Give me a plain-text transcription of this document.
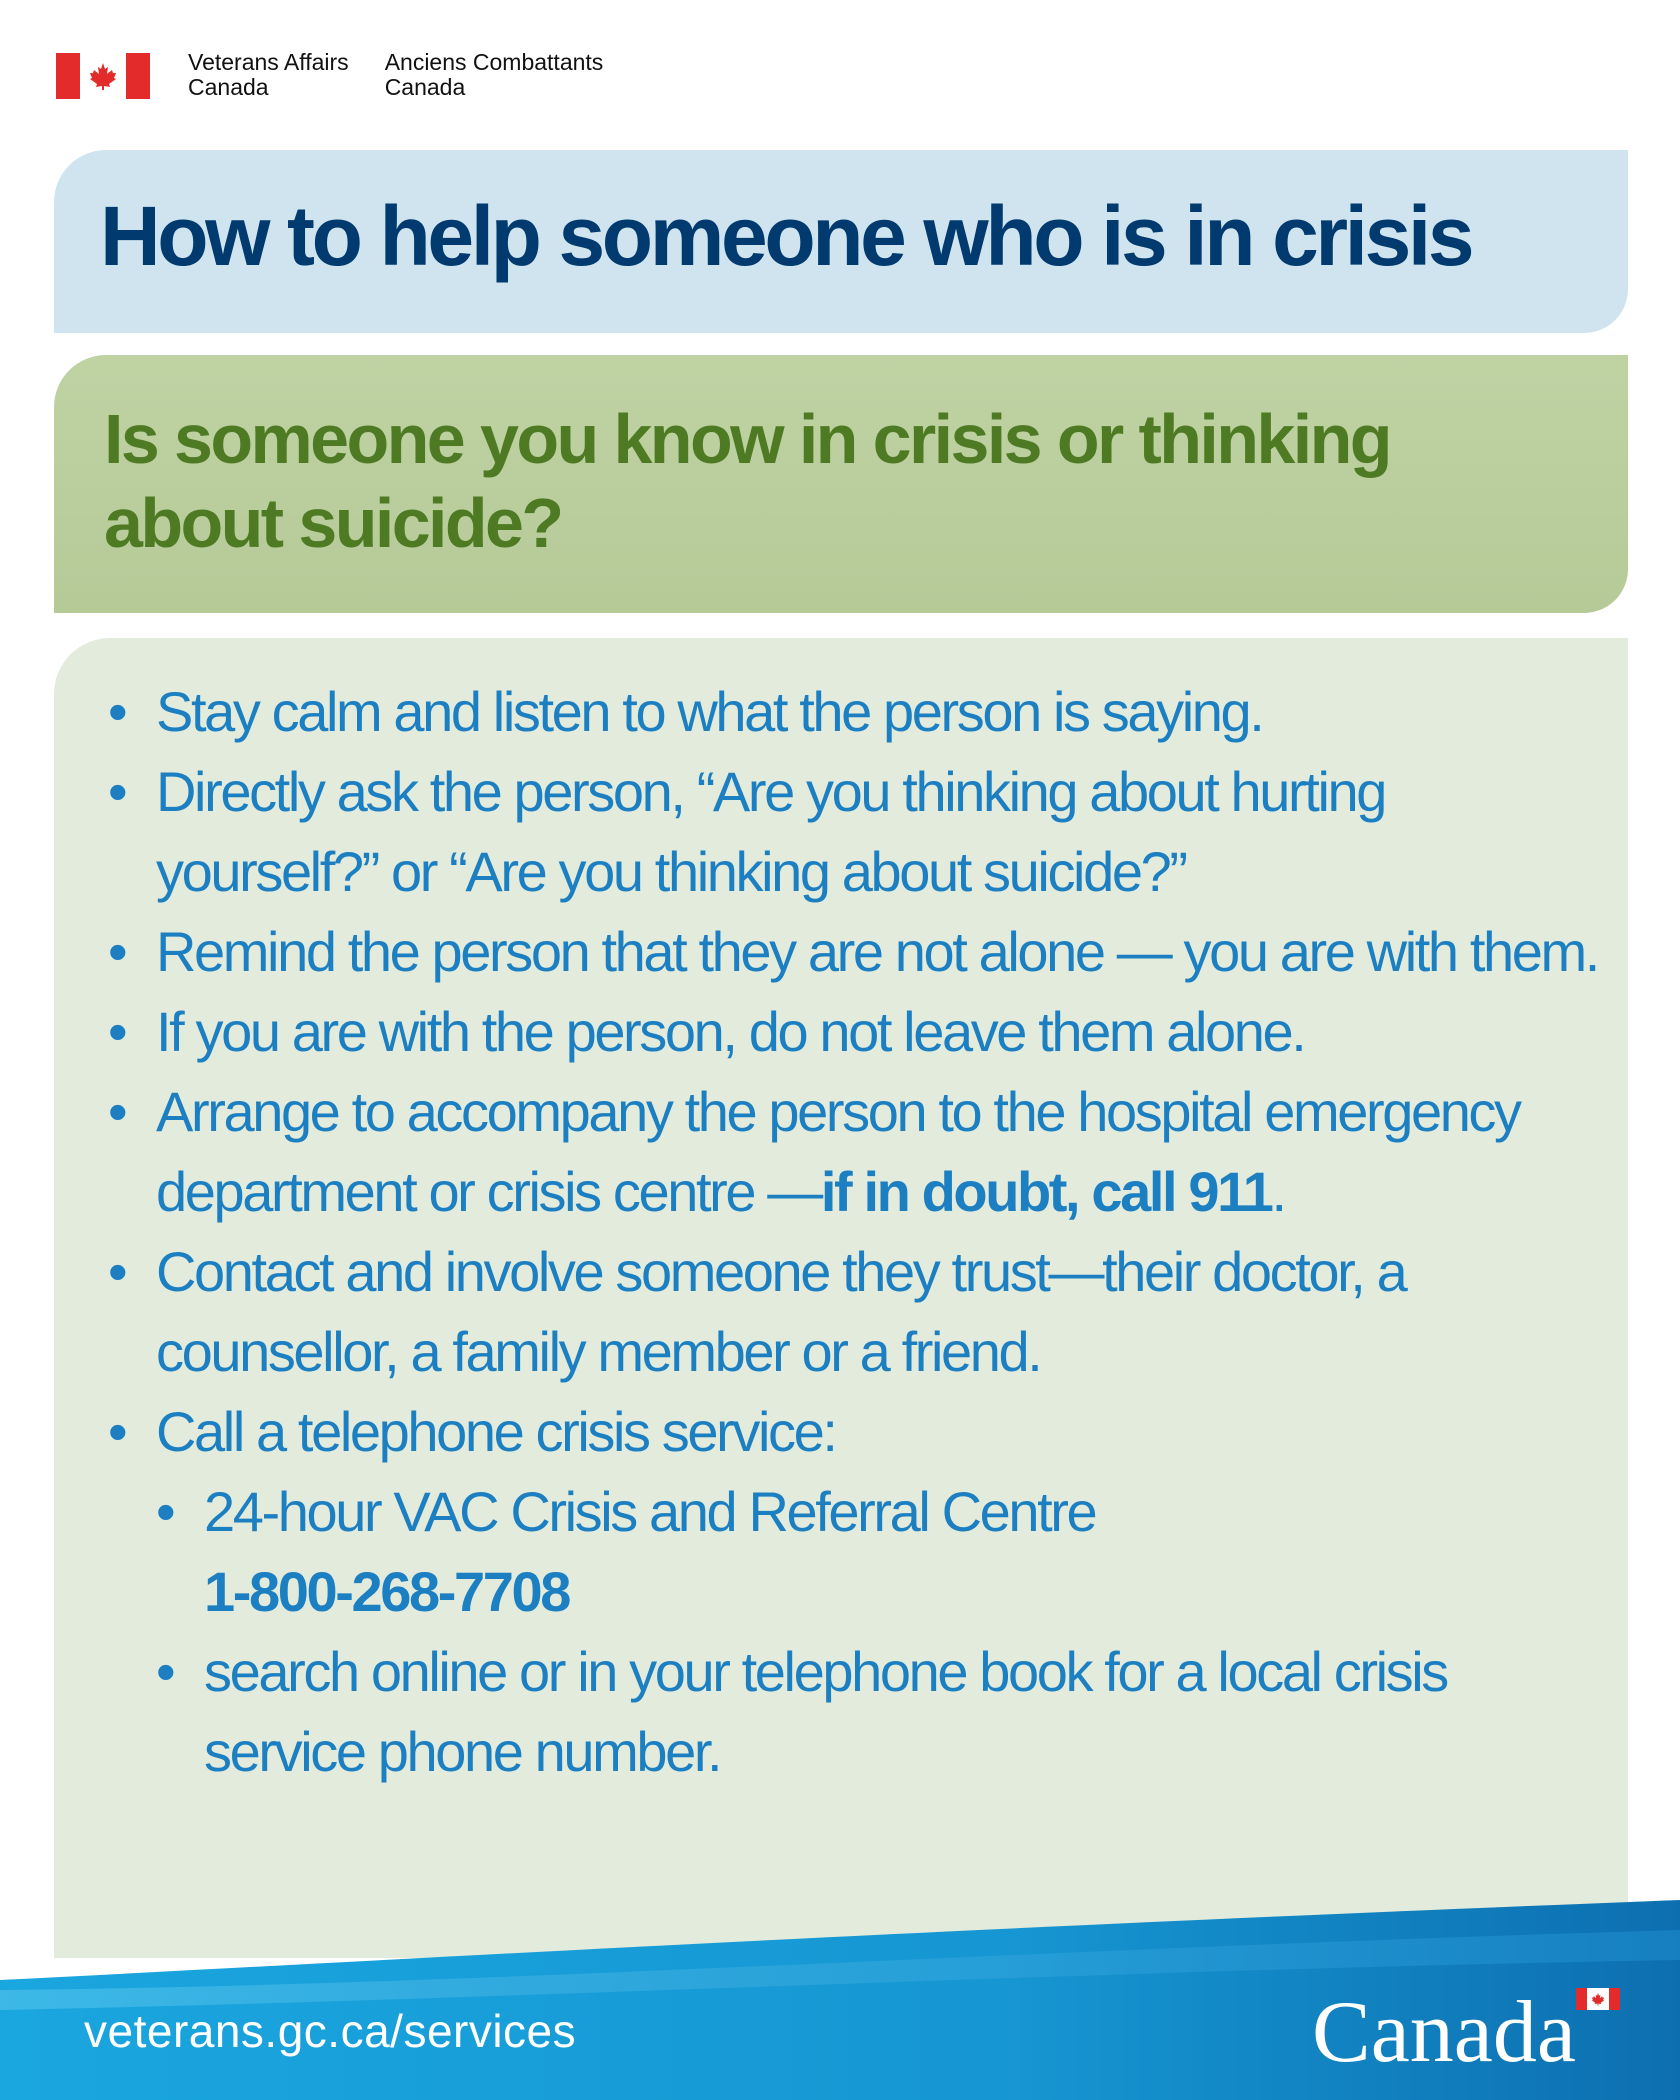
Veterans Affairs
Canada
Anciens Combattants
Canada
How to help someone who is in crisis
Is someone you know in crisis or thinking about suicide?
• Stay calm and listen to what the person is saying.
• Directly ask the person, “Are you thinking about hurting yourself?” or “Are you thinking about suicide?”
• Remind the person that they are not alone — you are with them.
• If you are with the person, do not leave them alone.
• Arrange to accompany the person to the hospital emergency department or crisis centre —if in doubt, call 911.
• Contact and involve someone they trust—their doctor, a counsellor, a family member or a friend.
• Call a telephone crisis service:
• 24-hour VAC Crisis and Referral Centre
1-800-268-7708
• search online or in your telephone book for a local crisis service phone number.
veterans.gc.ca/services	Canada
